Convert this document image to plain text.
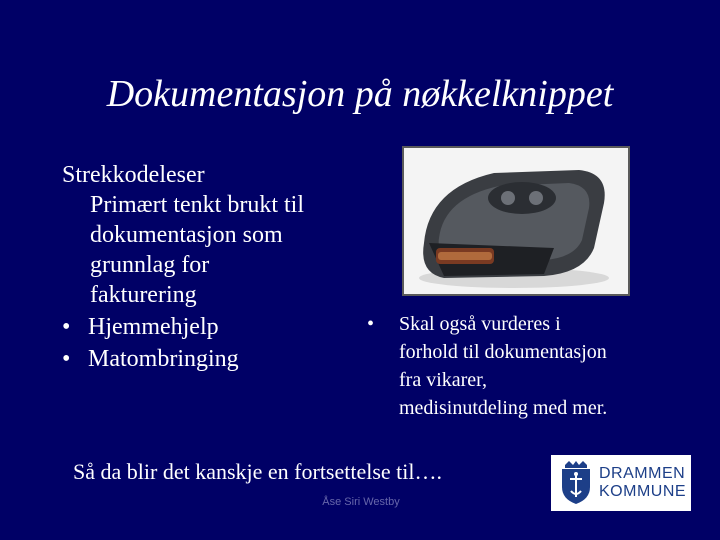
Dokumentasjon på nøkkelknippet

Strekkodeleser

Primært tenkt brukt til
dokumentasjon som
grunnlag for
fakturering
• Hjemmehjelp
• Matombringing
•	Skal også vurderes i
forhold til dokumentasjon
fra vikarer,
medisinutdeling med mer.
Så da blir det kanskje en fortsettelse til….
Åse Siri Westby
DRAMMEN
KOMMUNE
